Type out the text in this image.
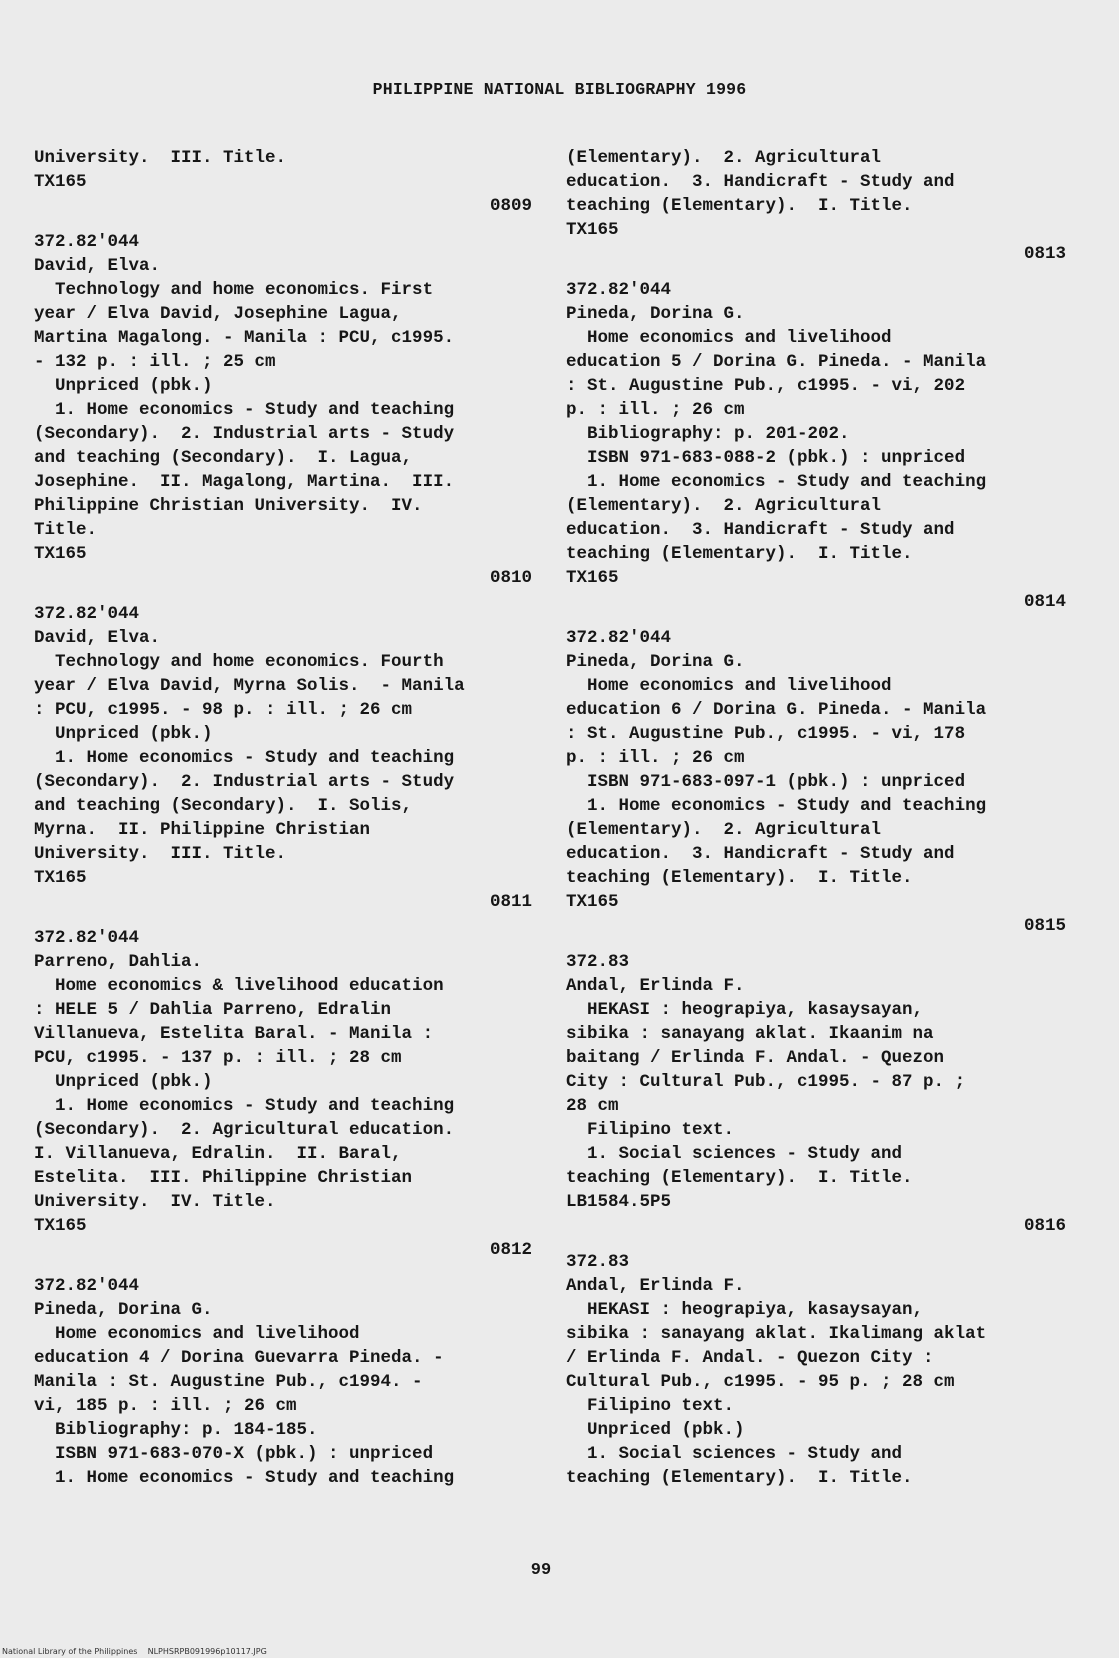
PHILIPPINE NATIONAL BIBLIOGRAPHY 1996
University.  III. Title.
TX165
0809
372.82'044
David, Elva.
Technology and home economics. First
year / Elva David, Josephine Lagua,
Martina Magalong. - Manila : PCU, c1995.
- 132 p. : ill. ; 25 cm
Unpriced (pbk.)
1. Home economics - Study and teaching
(Secondary).  2. Industrial arts - Study
and teaching (Secondary).  I. Lagua,
Josephine.  II. Magalong, Martina.  III.
Philippine Christian University.  IV.
Title.
TX165
0810
372.82'044
David, Elva.
Technology and home economics. Fourth
year / Elva David, Myrna Solis.  - Manila
: PCU, c1995. - 98 p. : ill. ; 26 cm
Unpriced (pbk.)
1. Home economics - Study and teaching
(Secondary).  2. Industrial arts - Study
and teaching (Secondary).  I. Solis,
Myrna.  II. Philippine Christian
University.  III. Title.
TX165
0811
372.82'044
Parreno, Dahlia.
Home economics & livelihood education
: HELE 5 / Dahlia Parreno, Edralin
Villanueva, Estelita Baral. - Manila :
PCU, c1995. - 137 p. : ill. ; 28 cm
Unpriced (pbk.)
1. Home economics - Study and teaching
(Secondary).  2. Agricultural education.
I. Villanueva, Edralin.  II. Baral,
Estelita.  III. Philippine Christian
University.  IV. Title.
TX165
0812
372.82'044
Pineda, Dorina G.
Home economics and livelihood
education 4 / Dorina Guevarra Pineda. -
Manila : St. Augustine Pub., c1994. -
vi, 185 p. : ill. ; 26 cm
Bibliography: p. 184-185.
ISBN 971-683-070-X (pbk.) : unpriced
1. Home economics - Study and teaching
(Elementary).  2. Agricultural
education.  3. Handicraft - Study and
teaching (Elementary).  I. Title.
TX165
0813
372.82'044
Pineda, Dorina G.
Home economics and livelihood
education 5 / Dorina G. Pineda. - Manila
: St. Augustine Pub., c1995. - vi, 202
p. : ill. ; 26 cm
Bibliography: p. 201-202.
ISBN 971-683-088-2 (pbk.) : unpriced
1. Home economics - Study and teaching
(Elementary).  2. Agricultural
education.  3. Handicraft - Study and
teaching (Elementary).  I. Title.
TX165
0814
372.82'044
Pineda, Dorina G.
Home economics and livelihood
education 6 / Dorina G. Pineda. - Manila
: St. Augustine Pub., c1995. - vi, 178
p. : ill. ; 26 cm
ISBN 971-683-097-1 (pbk.) : unpriced
1. Home economics - Study and teaching
(Elementary).  2. Agricultural
education.  3. Handicraft - Study and
teaching (Elementary).  I. Title.
TX165
0815
372.83
Andal, Erlinda F.
HEKASI : heograpiya, kasaysayan,
sibika : sanayang aklat. Ikaanim na
baitang / Erlinda F. Andal. - Quezon
City : Cultural Pub., c1995. - 87 p. ;
28 cm
Filipino text.
1. Social sciences - Study and
teaching (Elementary).  I. Title.
LB1584.5P5
0816
372.83
Andal, Erlinda F.
HEKASI : heograpiya, kasaysayan,
sibika : sanayang aklat. Ikalimang aklat
/ Erlinda F. Andal. - Quezon City :
Cultural Pub., c1995. - 95 p. ; 28 cm
Filipino text.
Unpriced (pbk.)
1. Social sciences - Study and
teaching (Elementary).  I. Title.
99
National Library of the Philippines    NLPHSRPB091996p10117.JPG
